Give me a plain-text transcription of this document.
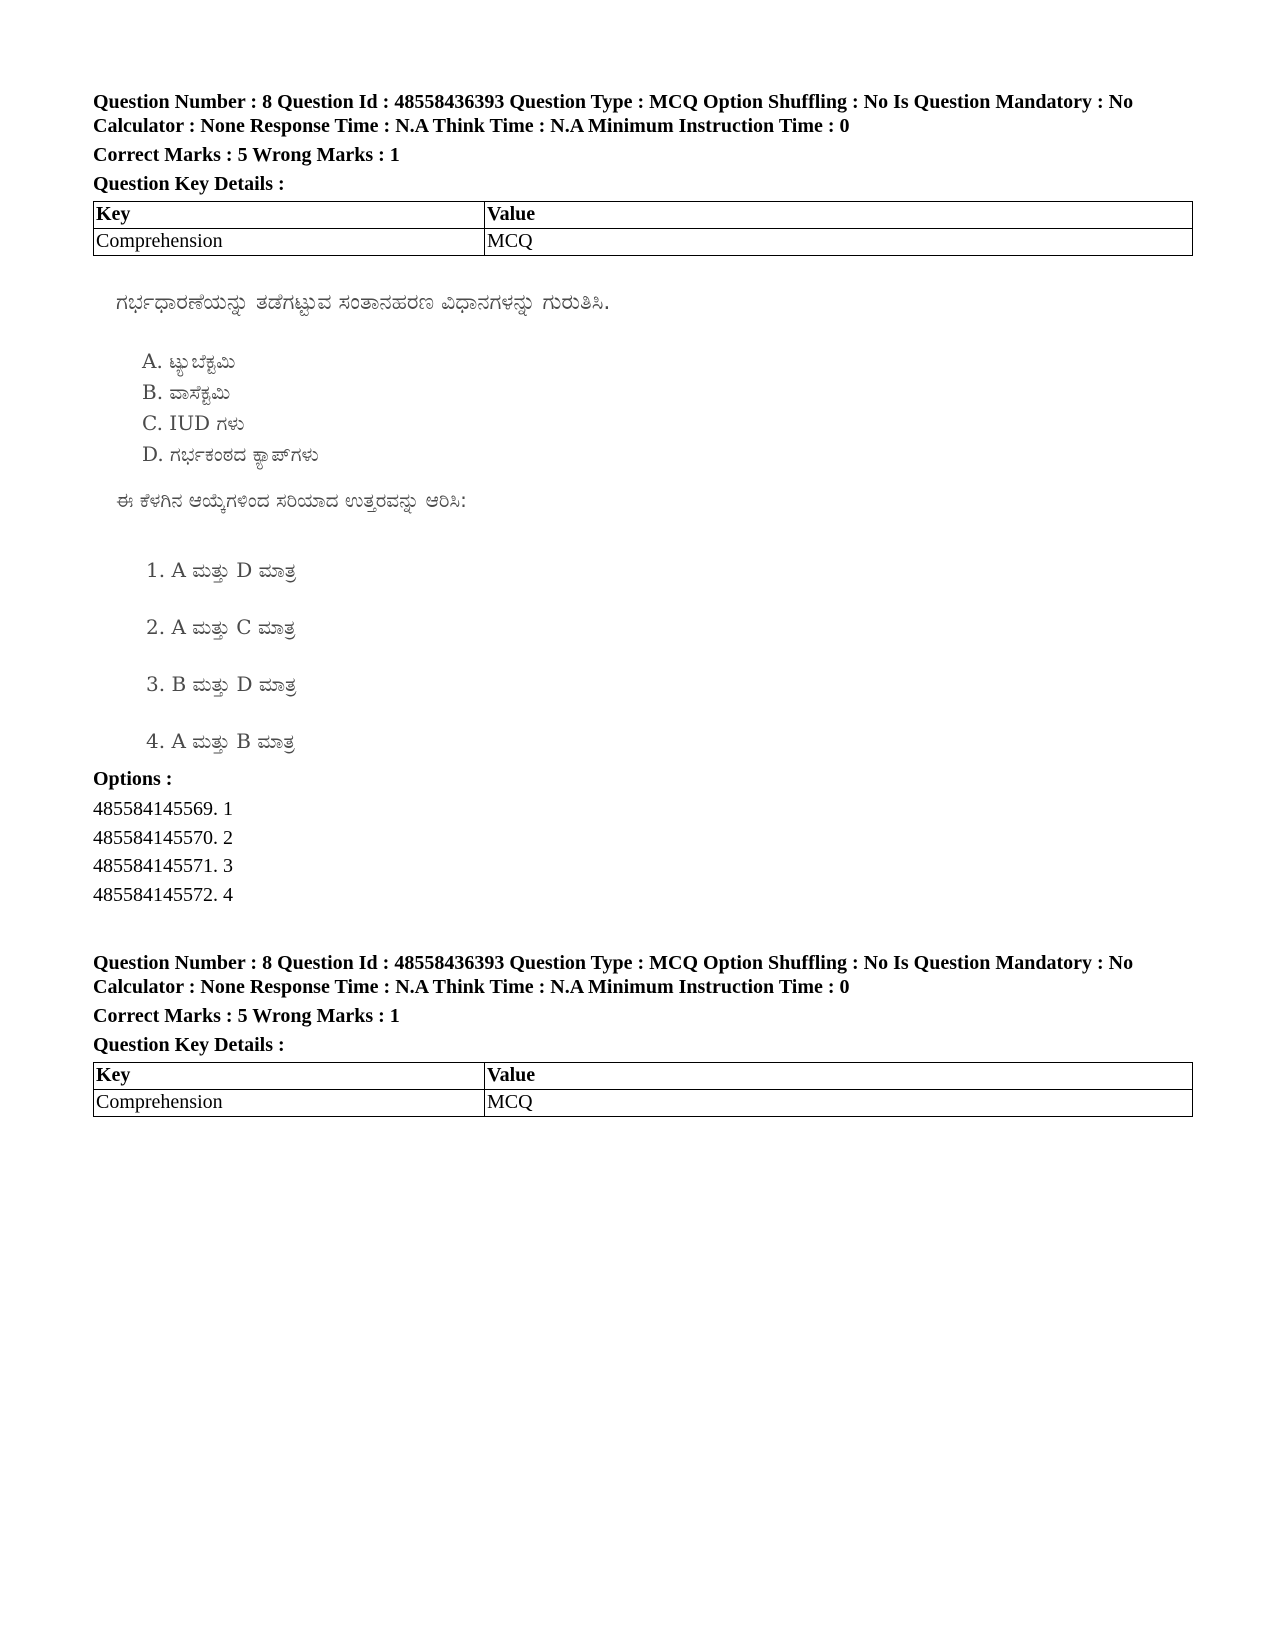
Question Number : 8 Question Id : 48558436393 Question Type : MCQ Option Shuffling : No Is Question Mandatory : No
Calculator : None Response Time : N.A Think Time : N.A Minimum Instruction Time : 0
Correct Marks : 5 Wrong Marks : 1
Question Key Details :
Key	Value
Comprehension	MCQ
ಗರ್ಭಧಾರಣೆಯನ್ನು ತಡೆಗಟ್ಟುವ ಸಂತಾನಹರಣ ವಿಧಾನಗಳನ್ನು ಗುರುತಿಸಿ.
A. ಟ್ಯುಬೆಕ್ಟಮಿ
B. ವಾಸೆಕ್ಟಮಿ
C. IUD ಗಳು
D. ಗರ್ಭಕಂಠದ ಕ್ಯಾಪ್‌ಗಳು
ಈ ಕೆಳಗಿನ ಆಯ್ಕೆಗಳಿಂದ ಸರಿಯಾದ ಉತ್ತರವನ್ನು ಆರಿಸಿ:
1. A ಮತ್ತು D ಮಾತ್ರ
2. A ಮತ್ತು C ಮಾತ್ರ
3. B ಮತ್ತು D ಮಾತ್ರ
4. A ಮತ್ತು B ಮಾತ್ರ
Options :
485584145569. 1
485584145570. 2
485584145571. 3
485584145572. 4
Question Number : 8 Question Id : 48558436393 Question Type : MCQ Option Shuffling : No Is Question Mandatory : No
Calculator : None Response Time : N.A Think Time : N.A Minimum Instruction Time : 0
Correct Marks : 5 Wrong Marks : 1
Question Key Details :
Key	Value
Comprehension	MCQ
